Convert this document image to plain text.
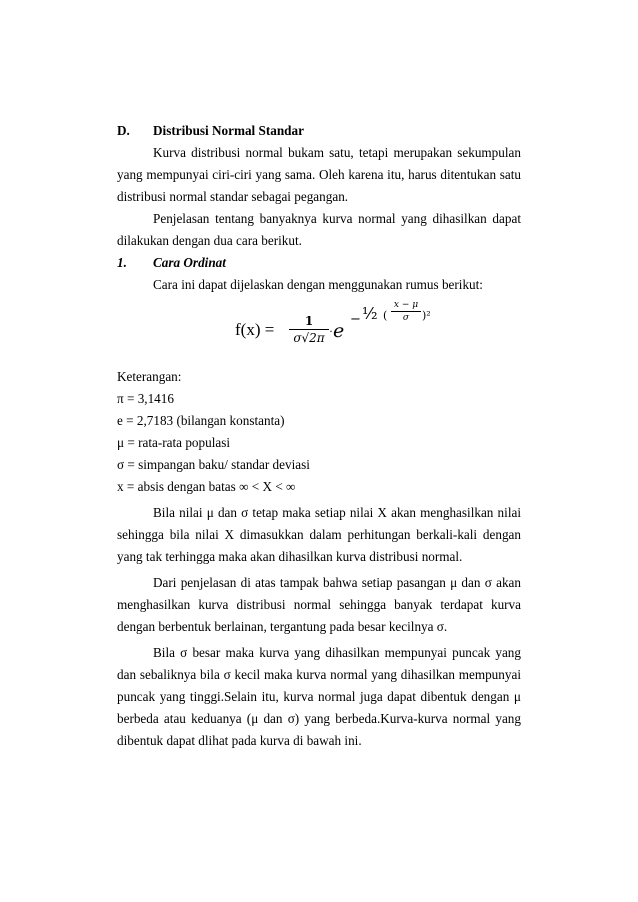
D. Distribusi Normal Standar
Kurva distribusi normal bukam satu, tetapi merupakan sekumpulan
yang mempunyai ciri-ciri yang sama. Oleh karena itu, harus ditentukan satu
distribusi normal standar sebagai pegangan.
Penjelasan tentang banyaknya kurva normal yang dihasilkan dapat
dilakukan dengan dua cara berikut.
1. Cara Ordinat
Cara ini dapat dijelaskan dengan menggunakan rumus berikut:
f(x) =	1
σ√2π · e
− ¹⁄₂ (
x − μ
σ	)²
Keterangan:
π = 3,1416
e = 2,7183 (bilangan konstanta)
μ = rata-rata populasi
σ = simpangan baku/ standar deviasi
x = absis dengan batas ∞ < X < ∞
Bila nilai μ dan σ tetap maka setiap nilai X akan menghasilkan nilai
sehingga bila nilai X dimasukkan dalam perhitungan berkali-kali dengan
yang tak terhingga maka akan dihasilkan kurva distribusi normal.
Dari penjelasan di atas tampak bahwa setiap pasangan μ dan σ akan
menghasilkan kurva distribusi normal sehingga banyak terdapat kurva
dengan berbentuk berlainan, tergantung pada besar kecilnya σ.
Bila σ besar maka kurva yang dihasilkan mempunyai puncak yang
dan sebaliknya bila σ kecil maka kurva normal yang dihasilkan mempunyai
puncak yang tinggi.Selain itu, kurva normal juga dapat dibentuk dengan μ
berbeda atau keduanya (μ dan σ) yang berbeda.Kurva-kurva normal yang
dibentuk dapat dlihat pada kurva di bawah ini.
